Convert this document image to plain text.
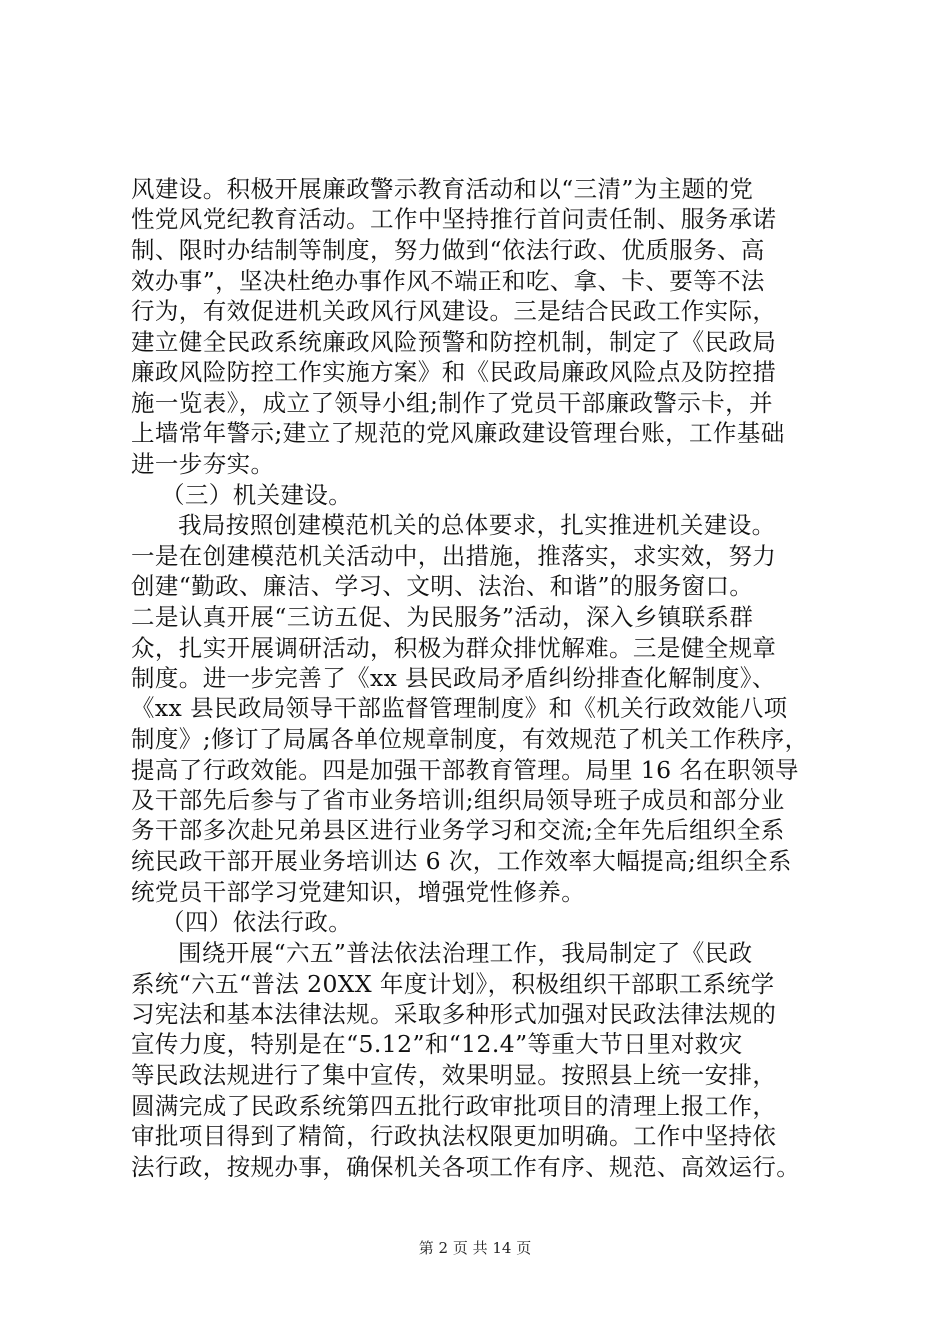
风建设。积极开展廉政警示教育活动和以“三清”为主题的党
性党风党纪教育活动。工作中坚持推行首问责任制、服务承诺
制、限时办结制等制度，努力做到“依法行政、优质服务、高
效办事”，坚决杜绝办事作风不端正和吃、拿、卡、要等不法
行为，有效促进机关政风行风建设。三是结合民政工作实际，
建立健全民政系统廉政风险预警和防控机制，制定了《民政局
廉政风险防控工作实施方案》和《民政局廉政风险点及防控措
施一览表》，成立了领导小组;制作了党员干部廉政警示卡，并
上墙常年警示;建立了规范的党风廉政建设管理台账，工作基础
进一步夯实。
（三）机关建设。
我局按照创建模范机关的总体要求，扎实推进机关建设。
一是在创建模范机关活动中，出措施，推落实，求实效，努力
创建“勤政、廉洁、学习、文明、法治、和谐”的服务窗口。
二是认真开展“三访五促、为民服务”活动，深入乡镇联系群
众，扎实开展调研活动，积极为群众排忧解难。三是健全规章
制度。进一步完善了《xx 县民政局矛盾纠纷排查化解制度》、
《xx 县民政局领导干部监督管理制度》和《机关行政效能八项
制度》;修订了局属各单位规章制度，有效规范了机关工作秩序，
提高了行政效能。四是加强干部教育管理。局里 16 名在职领导
及干部先后参与了省市业务培训;组织局领导班子成员和部分业
务干部多次赴兄弟县区进行业务学习和交流;全年先后组织全系
统民政干部开展业务培训达 6 次，工作效率大幅提高;组织全系
统党员干部学习党建知识，增强党性修养。
（四）依法行政。
围绕开展“六五”普法依法治理工作，我局制定了《民政
系统“六五“普法 20XX 年度计划》，积极组织干部职工系统学
习宪法和基本法律法规。采取多种形式加强对民政法律法规的
宣传力度，特别是在“5.12”和“12.4”等重大节日里对救灾
等民政法规进行了集中宣传，效果明显。按照县上统一安排，
圆满完成了民政系统第四五批行政审批项目的清理上报工作，
审批项目得到了精简，行政执法权限更加明确。工作中坚持依
法行政，按规办事，确保机关各项工作有序、规范、高效运行。
第 2 页 共 14 页
